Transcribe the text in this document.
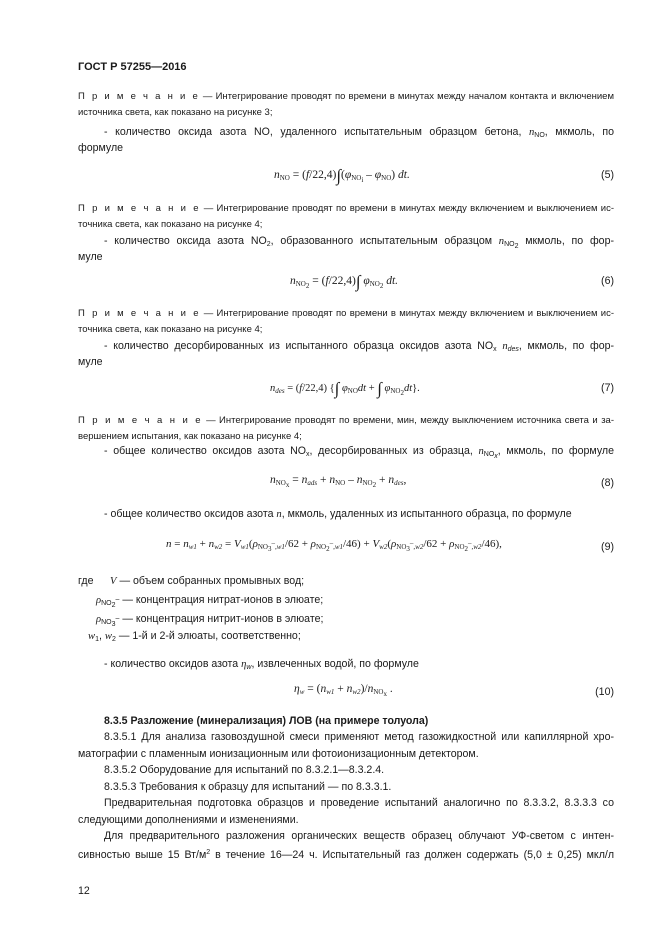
ГОСТ Р 57255—2016
П р и м е ч а н и е — Интегрирование проводят по времени в минутах между началом контакта и включением
источника света, как показано на рисунке 3;
- количество оксида азота NO, удаленного испытательным образцом бетона, $n_{NO}$, мкмоль, по
формуле
$n_{NO} = (f/22,4)\int(\varphi_{NO_i} - \varphi_{NO})$ dt.	(5)
П р и м е ч а н и е — Интегрирование проводят по времени в минутах между включением и выключением ис-
точника света, как показано на рисунке 4;
- количество оксида азота $NO_2$, образованного испытательным образцом $n_{NO_2}$ мкмоль, по фор-
муле
$n_{NO_2} = (f/22,4)\int$ $\varphi_{NO_2}$ dt.	(6)
П р и м е ч а н и е — Интегрирование проводят по времени в минутах между включением и выключением ис-
точника света, как показано на рисунке 4;
- количество десорбированных из испытанного образца оксидов азота $NO_x$ $n_{des}$, мкмоль, по фор-
муле
$n_{des} = (f/22,4)$ {∫ $\varphi_{NO}dt$ + ∫ $\varphi_{NO_2}dt$}.	(7)
П р и м е ч а н и е — Интегрирование проводят по времени, мин, между выключением источника света и за-
вершением испытания, как показано на рисунке 4;
- общее количество оксидов азота $NO_x$, десорбированных из образца, $n_{NO_x}$, мкмоль, по формуле
$n_{NO_x} = n_{ads} + n_{NO} - n_{NO_2} + n_{des}$,	(8)
- общее количество оксидов азота n, мкмоль, удаленных из испытанного образца, по формуле
$n = n_{w1} + n_{w2} = V_{w1}(\rho_{NO_3^-,w1}/62 + \rho_{NO_2^-,w1}/46) + V_{w2}(\rho_{NO_3^-,w2}/62 + \rho_{NO_2^-,w2}/46)$,	(9)
где V — объем собранных промывных вод;
$\rho_{NO_2^-}$ — концентрация нитрат-ионов в элюате;
$\rho_{NO_3^-}$ — концентрация нитрит-ионов в элюате;
$w_1$, $w_2$ — 1-й и 2-й элюаты, соответственно;
- количество оксидов азота $\eta_w$, извлеченных водой, по формуле
$\eta_w = (n_{w1} + n_{w2})/n_{NO_x}$ .	(10)
8.3.5 Разложение (минерализация) ЛОВ (на примере толуола)
8.3.5.1 Для анализа газовоздушной смеси применяют метод газожидкостной или капиллярной хро-
матографии с пламенным ионизационным или фотоионизационным детектором.
8.3.5.2 Оборудование для испытаний по 8.3.2.1—8.3.2.4.
8.3.5.3 Требования к образцу для испытаний — по 8.3.3.1.
Предварительная подготовка образцов и проведение испытаний аналогично по 8.3.3.2, 8.3.3.3 со
следующими дополнениями и изменениями.
Для предварительного разложения органических веществ образец облучают УФ-светом с интен-
сивностью выше 15 $Вт/м^2$ в течение 16—24 ч. Испытательный газ должен содержать (5,0 ± 0,25) мкл/л
12
